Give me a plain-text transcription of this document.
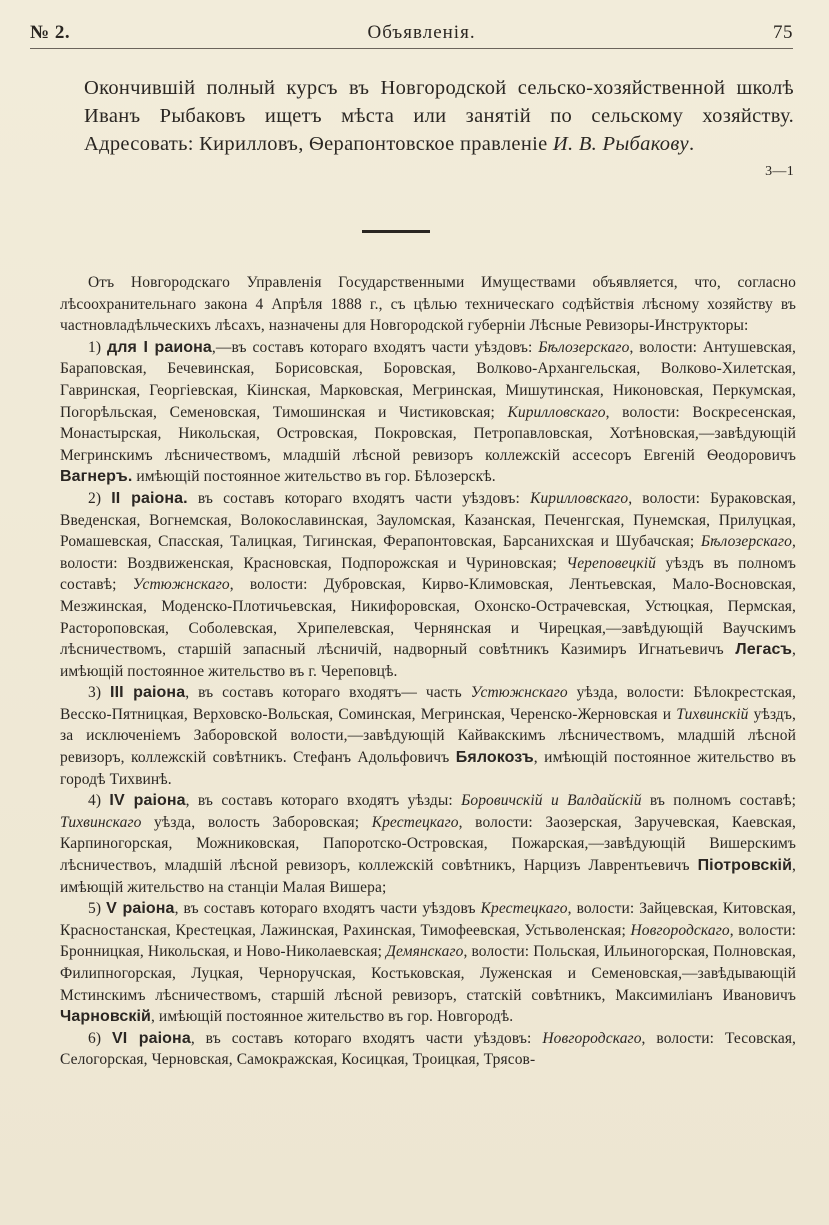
№ 2.	Объявленія.	75
Окончившій полный курсъ въ Новгородской сельско-хозяйственной школѣ Иванъ Рыбаковъ ищетъ мѣста или занятій по сельскому хозяйству. Адресовать: Кирилловъ, Ѳерапонтовское правленіе И. В. Рыбакову.
3—1

Отъ Новгородскаго Управленія Государственными Имуществами объявляется, что, согласно лѣсоохранительнаго закона 4 Апрѣля 1888 г., съ цѣлью техническаго содѣйствія лѣсному хозяйству въ частновладѣльческихъ лѣсахъ, назначены для Новгородской губерніи Лѣсные Ревизоры-Инструкторы:

1) для I раиона,—въ составъ котораго входятъ части уѣздовъ: Бѣлозерскаго, волости: Антушевская, Бараповская, Бечевинская, Борисовская, Боровская, Волково-Архангельская, Волково-Хилетская, Гавринская, Георгіевская, Кіинская, Марковская, Мегринская, Мишутинская, Никоновская, Перкумская, Погорѣльская, Семеновская, Тимошинская и Чистиковская; Кирилловскаго, волости: Воскресенская, Монастырская, Никольская, Островская, Покровская, Петропавловская, Хотѣновская,—завѣдующій Мегринскимъ лѣсничествомъ, младшій лѣсной ревизоръ коллежскій ассесоръ Евгеній Ѳеодоровичъ Вагнеръ. имѣющій постоянное жительство въ гор. Бѣлозерскѣ.

2) II раiона. въ составъ котораго входятъ части уѣздовъ: Кирилловскаго, волости: Бураковская, Введенская, Вогнемская, Волокославинская, Зауломская, Казанская, Печенгская, Пунемская, Прилуцкая, Ромашевская, Спасская, Талицкая, Тигинская, Ферапонтовская, Барсаниxская и Шубачская; Бѣлозерскаго, волости: Воздвиженская, Красновская, Подпорожская и Чуриновская; Череповецкій уѣздъ въ полномъ составѣ; Устюжнскаго, волости: Дубровская, Кирво-Климовская, Лентьевская, Мало-Восновская, Мезжинская, Моденско-Плотичьевская, Никифоровская, Охонско-Острачевская, Устюцкая, Пермская, Растороповская, Соболевская, Хрипелевская, Чернянская и Чирецкая,—завѣдующій Ваучскимъ лѣсничествомъ, старшій запасный лѣсничій, надворный совѣтникъ Казимиръ Игнатьевичъ Легасъ, имѣющій постоянное жительство въ г. Череповцѣ.

3) III раiона, въ составъ котораго входятъ— часть Устюжнскаго уѣзда, волости: Бѣлокрестская, Весско-Пятницкая, Верховско-Вольская, Соминская, Мегринская, Черенско-Жерновская и Тихвинскій уѣздъ, за исключеніемъ Заборовской волости,—завѣдующій Кайвакскимъ лѣсничествомъ, младшій лѣсной ревизоръ, коллежскій совѣтникъ. Стефанъ Адольфовичъ Бялокозъ, имѣющій постоянное жительство въ городѣ Тихвинѣ.

4) IV раiона, въ составъ котораго входятъ уѣзды: Боровичскій и Валдайскій въ полномъ составѣ; Тихвинскаго уѣзда, волость Заборовская; Крестецкаго, волости: Заозерская, Заручевская, Каевская, Карпиногорская, Можниковская, Папоротско-Островская, Пожарская,—завѣдующій Вишерскимъ лѣсничествоъ, младшій лѣсной ревизоръ, коллежскій совѣтникъ, Нарцизъ Лаврентьевичъ Піотровскій, имѣющій жительство на станціи Малая Вишера;

5) V раiона, въ составъ котораго входятъ части уѣздовъ Крестецкаго, волости: Зайцевская, Китовская, Красностанская, Крестецкая, Лажинская, Рахинская, Тимофеевская, Устьволенская; Новгородскаго, волости: Бронницкая, Никольская, и Ново-Николаевская; Демянскаго, волости: Польская, Ильиногорская, Полновская, Филипногорская, Луцкая, Черноручская, Костьковская, Луженская и Семеновская,—завѣдывающій Мстинскимъ лѣсничествомъ, старшій лѣсной ревизоръ, статскій совѣтникъ, Максимиліанъ Ивановичъ Чарновскій, имѣющій постоянное жительство въ гор. Новгородѣ.

6) VI раiона, въ составъ котораго входятъ части уѣздовъ: Новгородскаго, волости: Тесовская, Селогорская, Черновская, Самокражская, Косицкая, Троицкая, Трясов-
